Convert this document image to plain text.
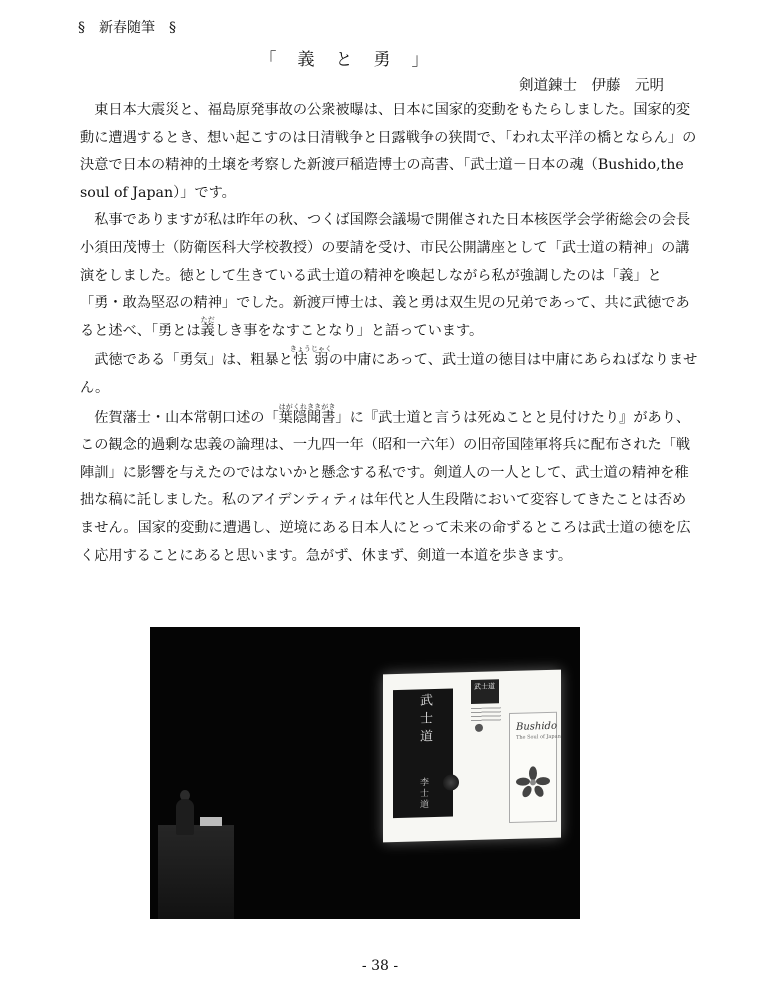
§　新春随筆　§
「　義　と　勇　」
剣道錬士　伊藤　元明

東日本大震災と、福島原発事故の公衆被曝は、日本に国家的変動をもたらしました。国家的変動に遭遇するとき、想い起こすのは日清戦争と日露戦争の狭間で、「われ太平洋の橋とならん」の決意で日本の精神的土壌を考察した新渡戸稲造博士の高書、「武士道－日本の魂（Bushido,the soul of Japan）」です。

私事でありますが私は昨年の秋、つくば国際会議場で開催された日本核医学会学術総会の会長小須田茂博士（防衛医科大学校教授）の要請を受け、市民公開講座として「武士道の精神」の講演をしました。徳として生きている武士道の精神を喚起しながら私が強調したのは「義」と「勇・敢為堅忍の精神」でした。新渡戸博士は、義と勇は双生児の兄弟であって、共に武徳であると述べ、「勇とは義ただしき事をなすことなり」と語っています。

武徳である「勇気」は、粗暴と怯弱きょうじゃくの中庸にあって、武士道の徳目は中庸にあらねばなりません。

佐賀藩士・山本常朝口述の「葉隠聞書はがくれききがき」に『武士道と言うは死ぬことと見付けたり』があり、この観念的過剰な忠義の論理は、一九四一年（昭和一六年）の旧帝国陸軍将兵に配布された「戦陣訓」に影響を与えたのではないかと懸念する私です。剣道人の一人として、武士道の精神を稚拙な稿に託しました。私のアイデンティティは年代と人生段階において変容してきたことは否めません。国家的変動に遭遇し、逆境にある日本人にとって未来の命ずるところは武士道の徳を広く応用することにあると思います。急がず、休まず、剣道一本道を歩きます。

武士道
李士道
武士道
Bushido
The Soul of Japan
- 38 -
